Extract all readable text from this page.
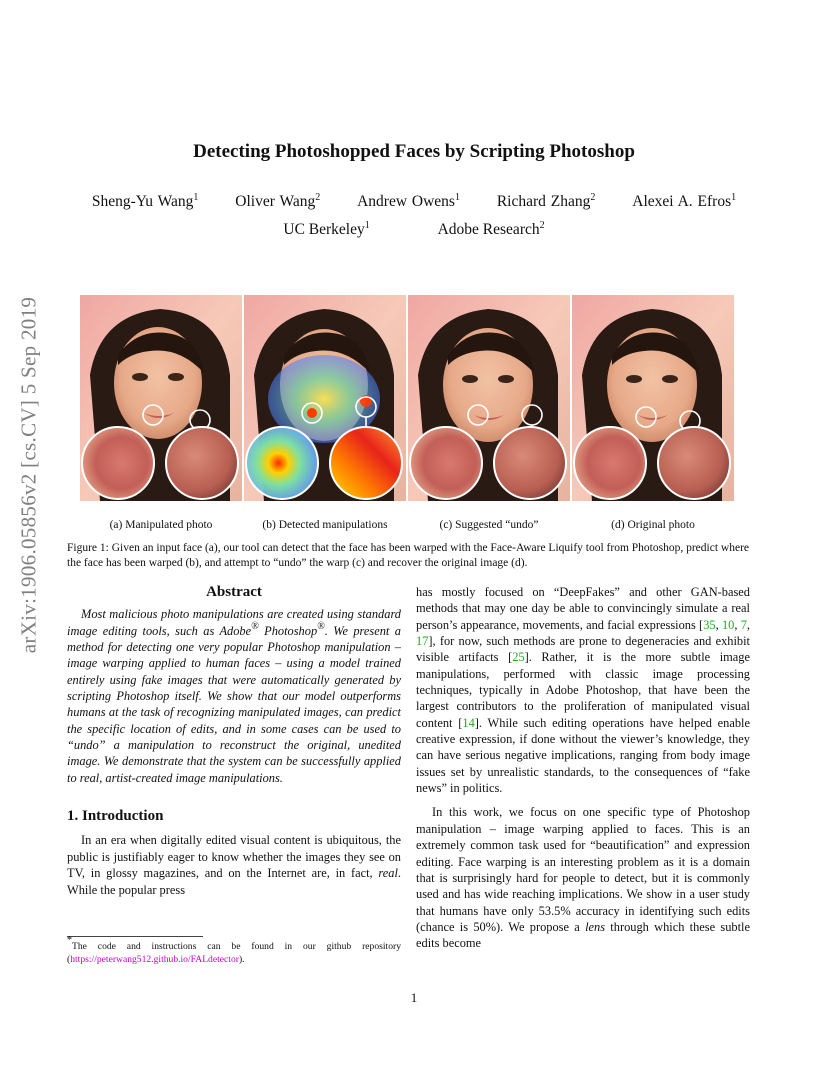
arXiv:1906.05856v2 [cs.CV] 5 Sep 2019
Detecting Photoshopped Faces by Scripting Photoshop
Sheng-Yu Wang$^1$ Oliver Wang$^2$ Andrew Owens$^1$ Richard Zhang$^2$ Alexei A. Efros$^1$
UC Berkeley$^1$	Adobe Research$^2$
(a) Manipulated photo	(b) Detected manipulations	(c) Suggested “undo”	(d) Original photo
Figure 1: Given an input face (a), our tool can detect that the face has been warped with the Face-Aware Liquify tool from Photoshop, predict where the face has been warped (b), and attempt to “undo” the warp (c) and recover the original image (d).
Abstract

Most malicious photo manipulations are created using standard image editing tools, such as Adobe® Photoshop®. We present a method for detecting one very popular Photoshop manipulation – image warping applied to human faces – using a model trained entirely using fake images that were automatically generated by scripting Photoshop itself. We show that our model outperforms humans at the task of recognizing manipulated images, can predict the specific location of edits, and in some cases can be used to “undo” a manipulation to reconstruct the original, unedited image. We demonstrate that the system can be successfully applied to real, artist-created image manipulations.

1. Introduction

In an era when digitally edited visual content is ubiquitous, the public is justifiably eager to know whether the images they see on TV, in glossy magazines, and on the Internet are, in fact, real. While the popular press

*The code and instructions can be found in our github repository (https://peterwang512.github.io/FALdetector).

has mostly focused on “DeepFakes” and other GAN-based methods that may one day be able to convincingly simulate a real person’s appearance, movements, and facial expressions [35, 10, 7, 17], for now, such methods are prone to degeneracies and exhibit visible artifacts [25]. Rather, it is the more subtle image manipulations, performed with classic image processing techniques, typically in Adobe Photoshop, that have been the largest contributors to the proliferation of manipulated visual content [14]. While such editing operations have helped enable creative expression, if done without the viewer’s knowledge, they can have serious negative implications, ranging from body image issues set by unrealistic standards, to the consequences of “fake news” in politics.

In this work, we focus on one specific type of Photoshop manipulation – image warping applied to faces. This is an extremely common task used for “beautification” and expression editing. Face warping is an interesting problem as it is a domain that is surprisingly hard for people to detect, but it is commonly used and has wide reaching implications. We show in a user study that humans have only 53.5% accuracy in identifying such edits (chance is 50%). We propose a lens through which these subtle edits become

1
